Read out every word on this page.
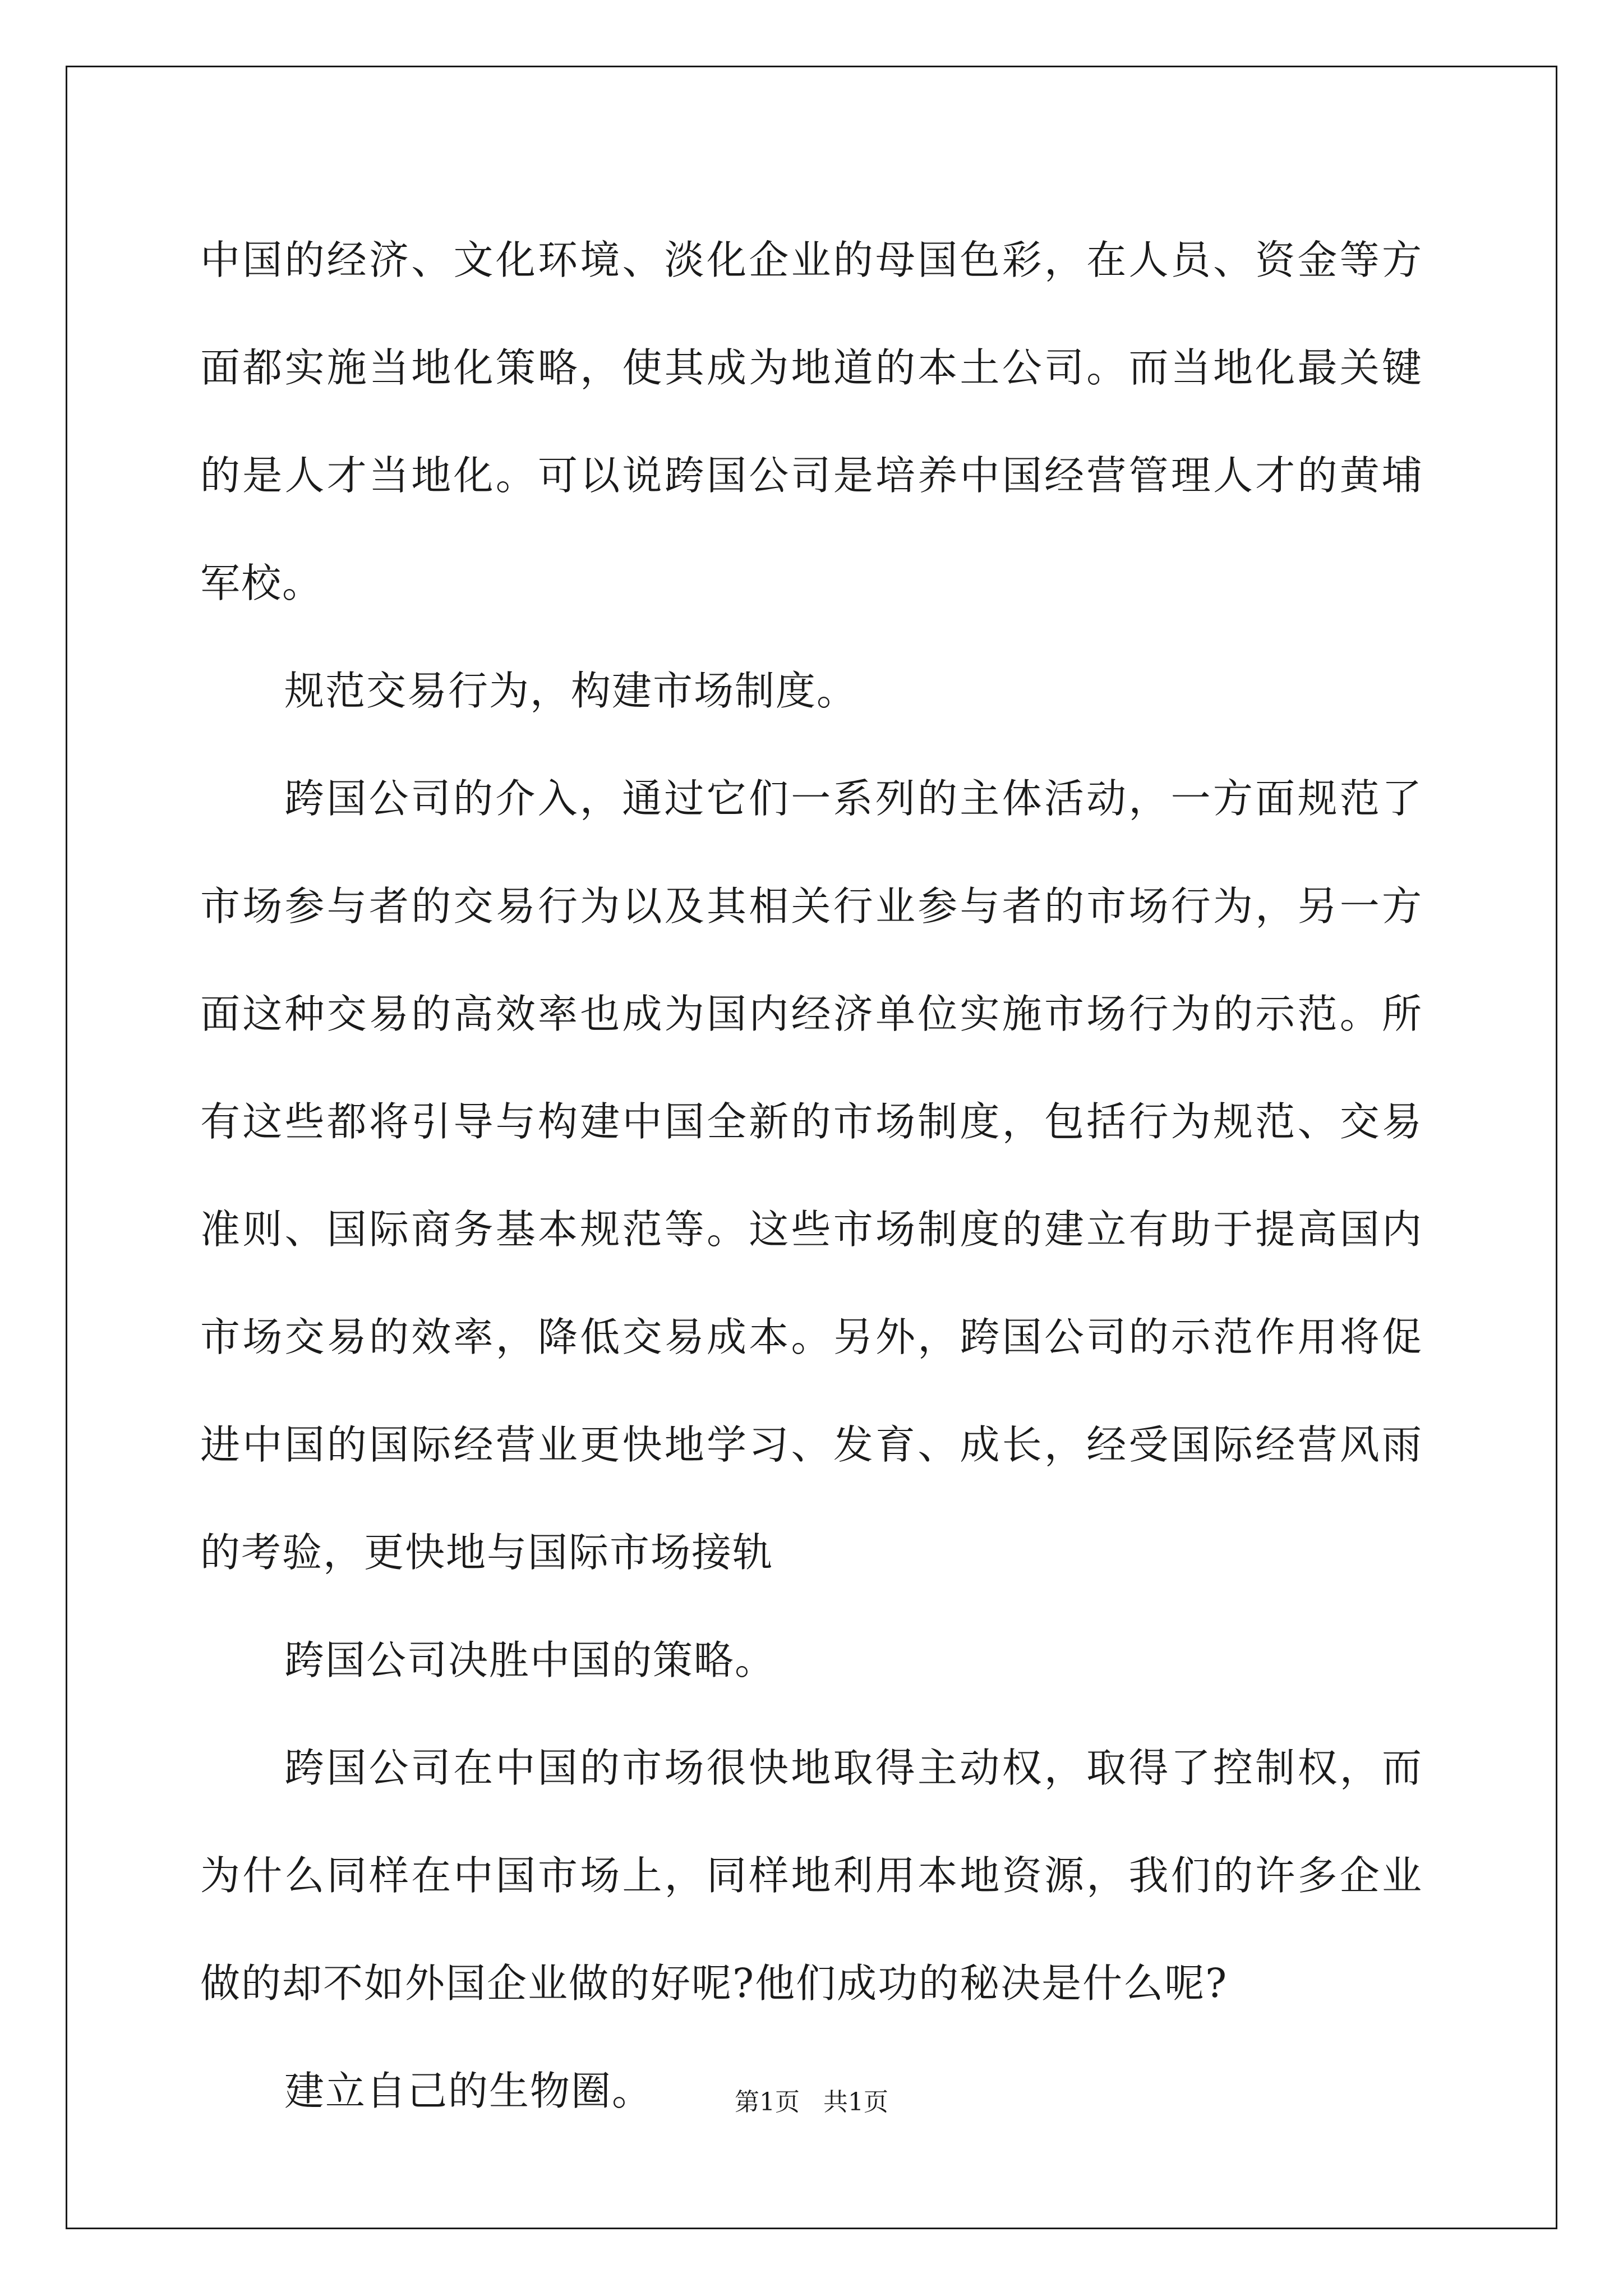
中国的经济、文化环境、淡化企业的母国色彩，在人员、资金等方面都实施当地化策略，使其成为地道的本土公司。而当地化最关键的是人才当地化。可以说跨国公司是培养中国经营管理人才的黄埔军校。

规范交易行为，构建市场制度。

跨国公司的介入，通过它们一系列的主体活动，一方面规范了市场参与者的交易行为以及其相关行业参与者的市场行为，另一方面这种交易的高效率也成为国内经济单位实施市场行为的示范。所有这些都将引导与构建中国全新的市场制度，包括行为规范、交易准则、国际商务基本规范等。这些市场制度的建立有助于提高国内市场交易的效率，降低交易成本。另外，跨国公司的示范作用将促进中国的国际经营业更快地学习、发育、成长，经受国际经营风雨的考验，更快地与国际市场接轨

跨国公司决胜中国的策略。

跨国公司在中国的市场很快地取得主动权，取得了控制权，而为什么同样在中国市场上，同样地利用本地资源，我们的许多企业做的却不如外国企业做的好呢?他们成功的秘决是什么呢?

建立自己的生物圈。	第1页 共1页
